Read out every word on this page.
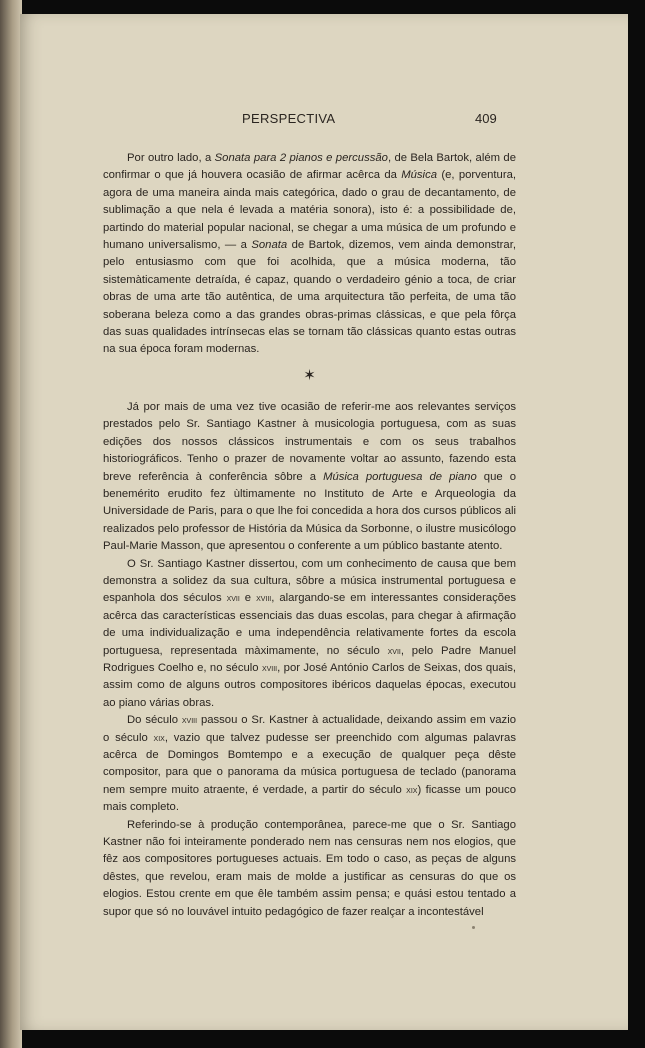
PERSPECTIVA	409

Por outro lado, a Sonata para 2 pianos e percussão, de Bela Bartok, além de confirmar o que já houvera ocasião de afirmar acêrca da Música (e, porventura, agora de uma maneira ainda mais categórica, dado o grau de decantamento, de sublimação a que nela é levada a matéria sonora), isto é: a possibilidade de, partindo do material popular nacional, se chegar a uma música de um profundo e humano universalismo, — a Sonata de Bartok, dizemos, vem ainda demonstrar, pelo entusiasmo com que foi acolhida, que a música moderna, tão sistemàticamente detraída, é capaz, quando o verdadeiro génio a toca, de criar obras de uma arte tão autêntica, de uma arquitectura tão perfeita, de uma tão soberana beleza como a das grandes obras-primas clássicas, e que pela fôrça das suas qualidades intrínsecas elas se tornam tão clássicas quanto estas outras na sua época foram modernas.

✶

Já por mais de uma vez tive ocasião de referir-me aos relevantes serviços prestados pelo Sr. Santiago Kastner à musicologia portuguesa, com as suas edições dos nossos clássicos instrumentais e com os seus trabalhos historiográficos. Tenho o prazer de novamente voltar ao assunto, fazendo esta breve referência à conferência sôbre a Música portuguesa de piano que o benemérito erudito fez ùltimamente no Instituto de Arte e Arqueologia da Universidade de Paris, para o que lhe foi concedida a hora dos cursos públicos ali realizados pelo professor de História da Música da Sorbonne, o ilustre musicólogo Paul-Marie Masson, que apresentou o conferente a um público bastante atento.

O Sr. Santiago Kastner dissertou, com um conhecimento de causa que bem demonstra a solidez da sua cultura, sôbre a música instrumental portuguesa e espanhola dos séculos xvii e xviii, alargando-se em interessantes considerações acêrca das características essenciais das duas escolas, para chegar à afirmação de uma individualização e uma independência relativamente fortes da escola portuguesa, representada màximamente, no século xvii, pelo Padre Manuel Rodrigues Coelho e, no século xviii, por José António Carlos de Seixas, dos quais, assim como de alguns outros compositores ibéricos daquelas épocas, executou ao piano várias obras.

Do século xviii passou o Sr. Kastner à actualidade, deixando assim em vazio o século xix, vazio que talvez pudesse ser preenchido com algumas palavras acêrca de Domingos Bomtempo e a execução de qualquer peça dêste compositor, para que o panorama da música portuguesa de teclado (panorama nem sempre muito atraente, é verdade, a partir do século xix) ficasse um pouco mais completo.

Referindo-se à produção contemporânea, parece-me que o Sr. Santiago Kastner não foi inteiramente ponderado nem nas censuras nem nos elogios, que fêz aos compositores portugueses actuais. Em todo o caso, as peças de alguns dêstes, que revelou, eram mais de molde a justificar as censuras do que os elogios. Estou crente em que êle também assim pensa; e quási estou tentado a supor que só no louvável intuito pedagógico de fazer realçar a incontestável
